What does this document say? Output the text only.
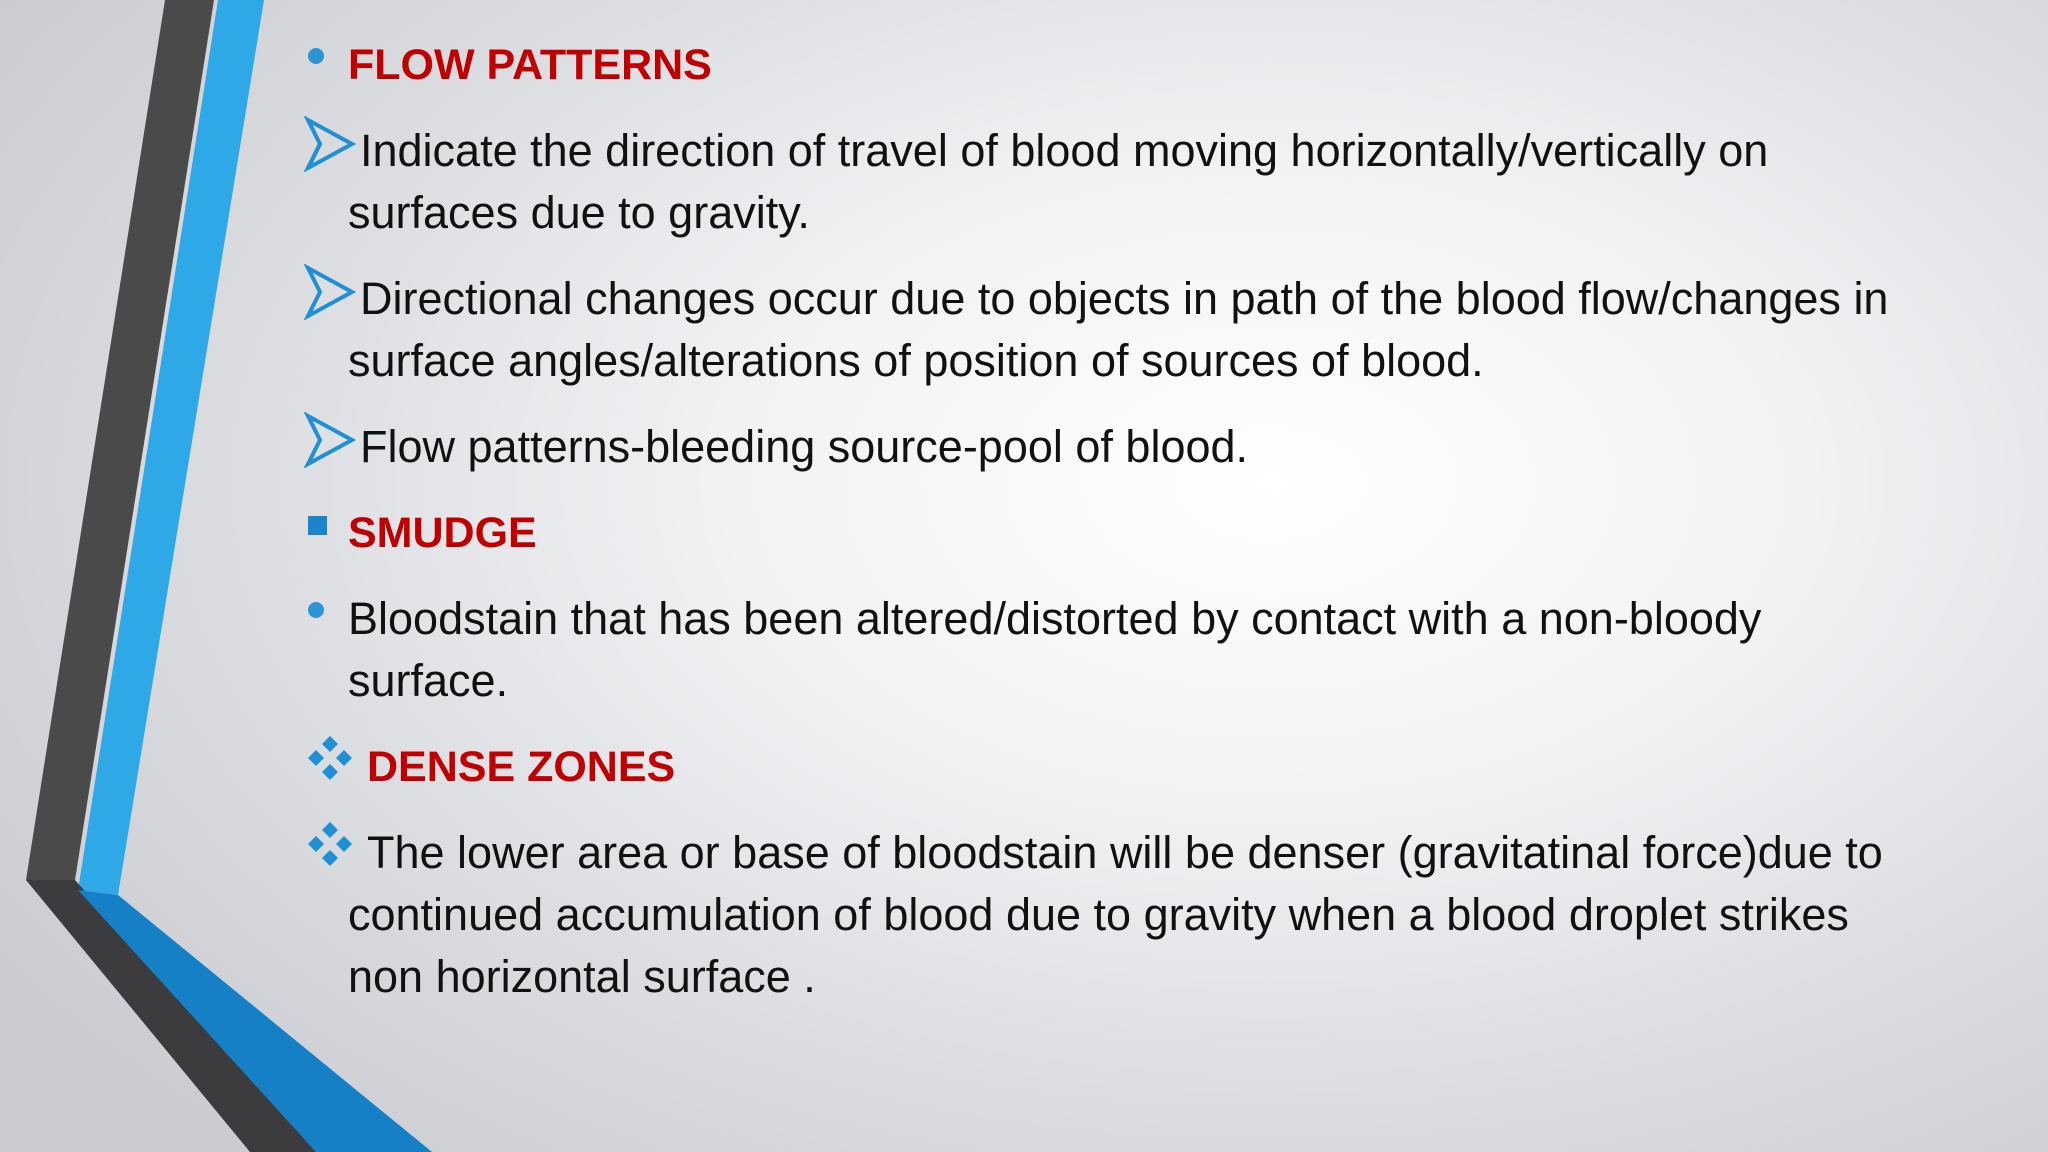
FLOW PATTERNS
Indicate the direction of travel of blood moving horizontally/vertically on
surfaces due to gravity.
Directional changes occur due to objects in path of the blood flow/changes in
surface angles/alterations of position of sources of blood.
Flow patterns-bleeding source-pool of blood.
SMUDGE
Bloodstain that has been altered/distorted by contact with a non-bloody
surface.
DENSE ZONES
The lower area or base of bloodstain will be denser (gravitatinal force)due to
continued accumulation of blood due to gravity when a blood droplet strikes
non horizontal surface .
